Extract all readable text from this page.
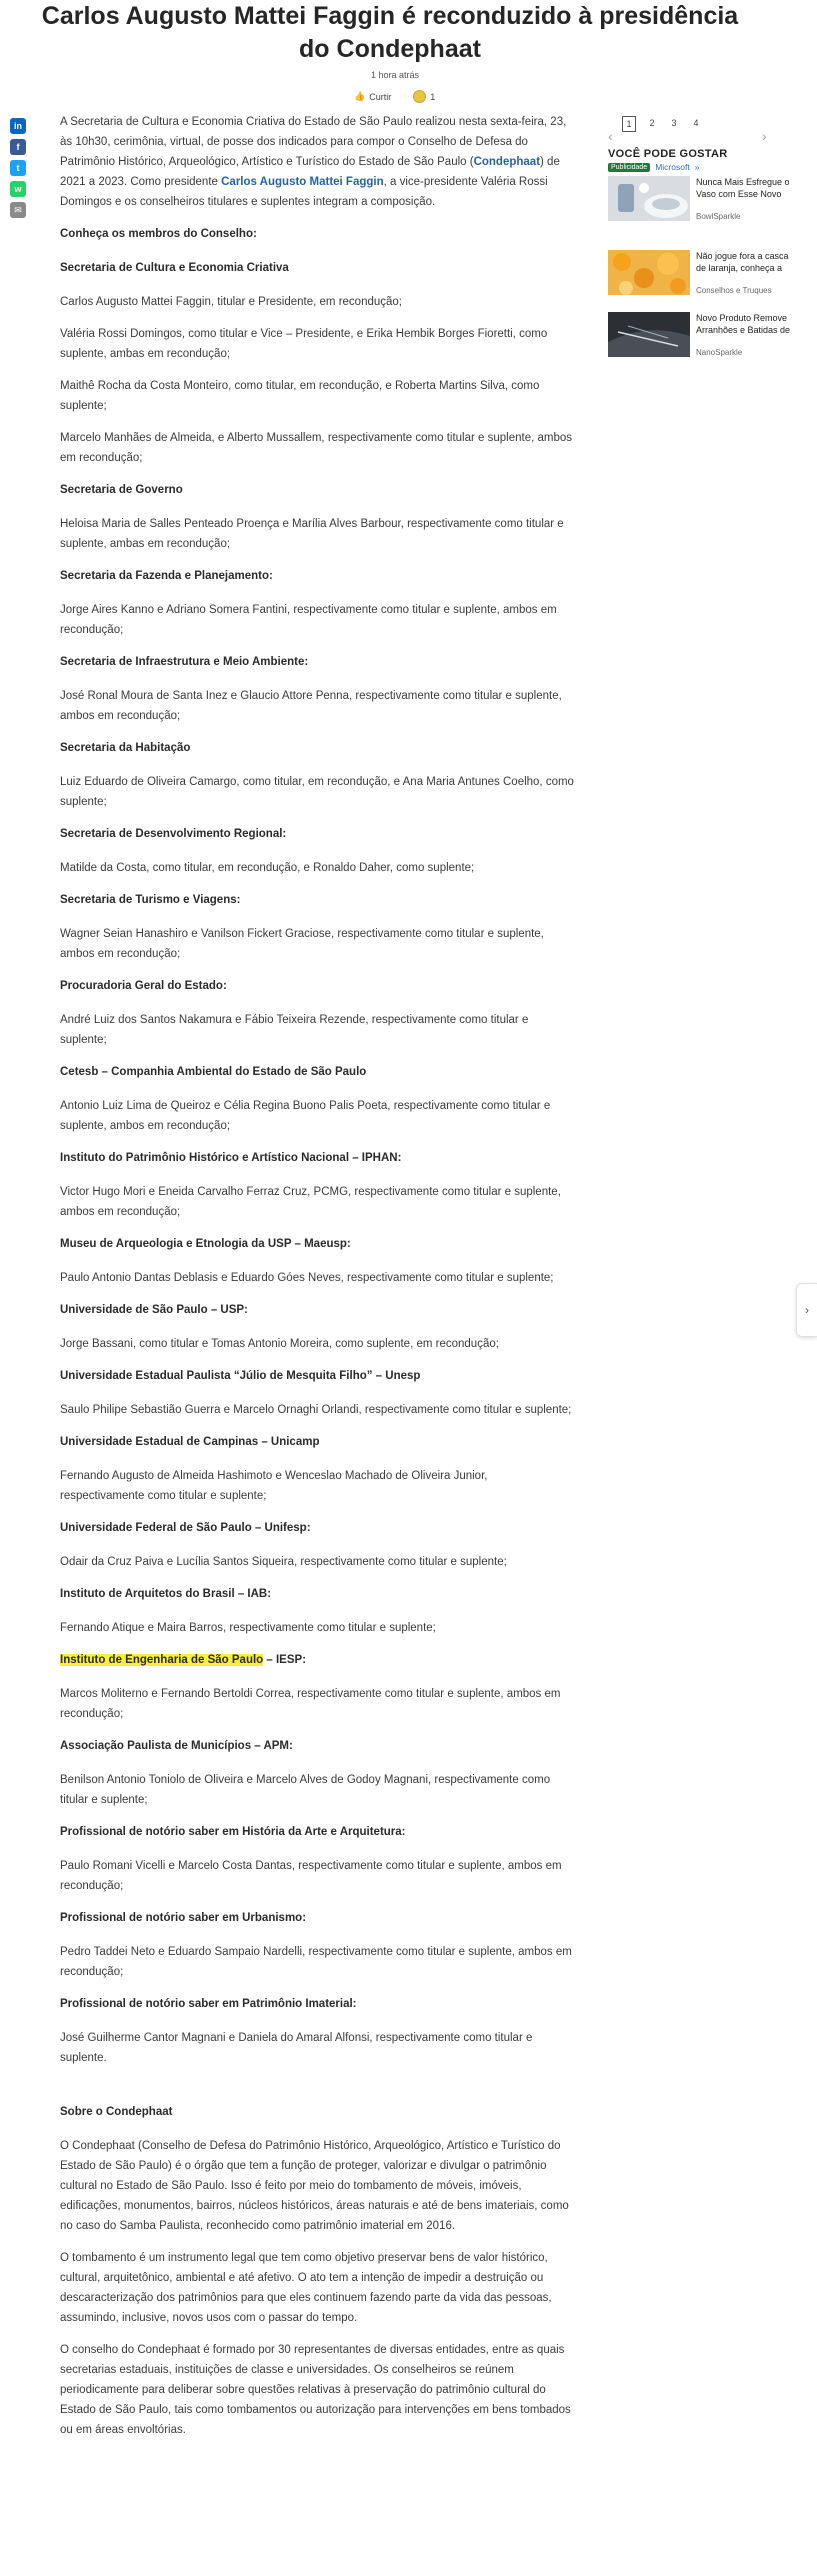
Carlos Augusto Mattei Faggin é reconduzido à presidência do Condephaat
1 hora atrás
👍 Curtir	1
in
f
t
w
✉

A Secretaria de Cultura e Economia Criativa do Estado de São Paulo realizou nesta sexta-feira, 23, às 10h30, cerimônia, virtual, de posse dos indicados para compor o Conselho de Defesa do Patrimônio Histórico, Arqueológico, Artístico e Turístico do Estado de São Paulo (Condephaat) de 2021 a 2023. Como presidente Carlos Augusto Mattei Faggin, a vice-presidente Valéria Rossi Domingos e os conselheiros titulares e suplentes integram a composição.

Conheça os membros do Conselho:

Secretaria de Cultura e Economia Criativa

Carlos Augusto Mattei Faggin, titular e Presidente, em recondução;

Valéria Rossi Domingos, como titular e Vice – Presidente, e Erika Hembik Borges Fioretti, como suplente, ambas em recondução;

Maithê Rocha da Costa Monteiro, como titular, em recondução, e Roberta Martins Silva, como suplente;

Marcelo Manhães de Almeida, e Alberto Mussallem, respectivamente como titular e suplente, ambos em recondução;

Secretaria de Governo

Heloisa Maria de Salles Penteado Proença e Marília Alves Barbour, respectivamente como titular e suplente, ambas em recondução;

Secretaria da Fazenda e Planejamento:

Jorge Aires Kanno e Adriano Somera Fantini, respectivamente como titular e suplente, ambos em recondução;

Secretaria de Infraestrutura e Meio Ambiente:

José Ronal Moura de Santa Inez e Glaucio Attore Penna, respectivamente como titular e suplente, ambos em recondução;

Secretaria da Habitação

Luiz Eduardo de Oliveira Camargo, como titular, em recondução, e Ana Maria Antunes Coelho, como suplente;

Secretaria de Desenvolvimento Regional:

Matilde da Costa, como titular, em recondução, e Ronaldo Daher, como suplente;

Secretaria de Turismo e Viagens:

Wagner Seian Hanashiro e Vanilson Fickert Graciose, respectivamente como titular e suplente, ambos em recondução;

Procuradoria Geral do Estado:

André Luiz dos Santos Nakamura e Fábio Teixeira Rezende, respectivamente como titular e suplente;

Cetesb – Companhia Ambiental do Estado de São Paulo

Antonio Luiz Lima de Queiroz e Célia Regina Buono Palis Poeta, respectivamente como titular e suplente, ambos em recondução;

Instituto do Patrimônio Histórico e Artístico Nacional – IPHAN:

Victor Hugo Mori e Eneida Carvalho Ferraz Cruz, PCMG, respectivamente como titular e suplente, ambos em recondução;

Museu de Arqueologia e Etnologia da USP – Maeusp:

Paulo Antonio Dantas Deblasis e Eduardo Góes Neves, respectivamente como titular e suplente;

Universidade de São Paulo – USP:

Jorge Bassani, como titular e Tomas Antonio Moreira, como suplente, em recondução;

Universidade Estadual Paulista “Júlio de Mesquita Filho” – Unesp

Saulo Philipe Sebastião Guerra e Marcelo Ornaghi Orlandi, respectivamente como titular e suplente;

Universidade Estadual de Campinas – Unicamp

Fernando Augusto de Almeida Hashimoto e Wenceslao Machado de Oliveira Junior, respectivamente como titular e suplente;

Universidade Federal de São Paulo – Unifesp:

Odair da Cruz Paiva e Lucília Santos Siqueira, respectivamente como titular e suplente;

Instituto de Arquitetos do Brasil – IAB:

Fernando Atique e Maira Barros, respectivamente como titular e suplente;

Instituto de Engenharia de São Paulo – IESP:

Marcos Moliterno e Fernando Bertoldi Correa, respectivamente como titular e suplente, ambos em recondução;

Associação Paulista de Municípios – APM:

Benilson Antonio Toniolo de Oliveira e Marcelo Alves de Godoy Magnani, respectivamente como titular e suplente;

Profissional de notório saber em História da Arte e Arquitetura:

Paulo Romani Vicelli e Marcelo Costa Dantas, respectivamente como titular e suplente, ambos em recondução;

Profissional de notório saber em Urbanismo:

Pedro Taddei Neto e Eduardo Sampaio Nardelli, respectivamente como titular e suplente, ambos em recondução;

Profissional de notório saber em Patrimônio Imaterial:

José Guilherme Cantor Magnani e Daniela do Amaral Alfonsi, respectivamente como titular e suplente.

Sobre o Condephaat

O Condephaat (Conselho de Defesa do Patrimônio Histórico, Arqueológico, Artístico e Turístico do Estado de São Paulo) é o órgão que tem a função de proteger, valorizar e divulgar o patrimônio cultural no Estado de São Paulo. Isso é feito por meio do tombamento de móveis, imóveis, edificações, monumentos, bairros, núcleos históricos, áreas naturais e até de bens imateriais, como no caso do Samba Paulista, reconhecido como patrimônio imaterial em 2016.

O tombamento é um instrumento legal que tem como objetivo preservar bens de valor histórico, cultural, arquitetônico, ambiental e até afetivo. O ato tem a intenção de impedir a destruição ou descaracterização dos patrimônios para que eles continuem fazendo parte da vida das pessoas, assumindo, inclusive, novos usos com o passar do tempo.

O conselho do Condephaat é formado por 30 representantes de diversas entidades, entre as quais secretarias estaduais, instituições de classe e universidades. Os conselheiros se reúnem periodicamente para deliberar sobre questões relativas à preservação do patrimônio cultural do Estado de São Paulo, tais como tombamentos ou autorização para intervenções em bens tombados ou em áreas envoltórias.

‹
1	2	3	4
›
VOCÊ PODE GOSTAR
Publicidade Microsoft »
Nunca Mais Esfregue o Vaso com Esse Novo
BowlSparkle
Não jogue fora a casca de laranja, conheça a
Conselhos e Truques
Novo Produto Remove Arranhões e Batidas de
NanoSparkle
›
